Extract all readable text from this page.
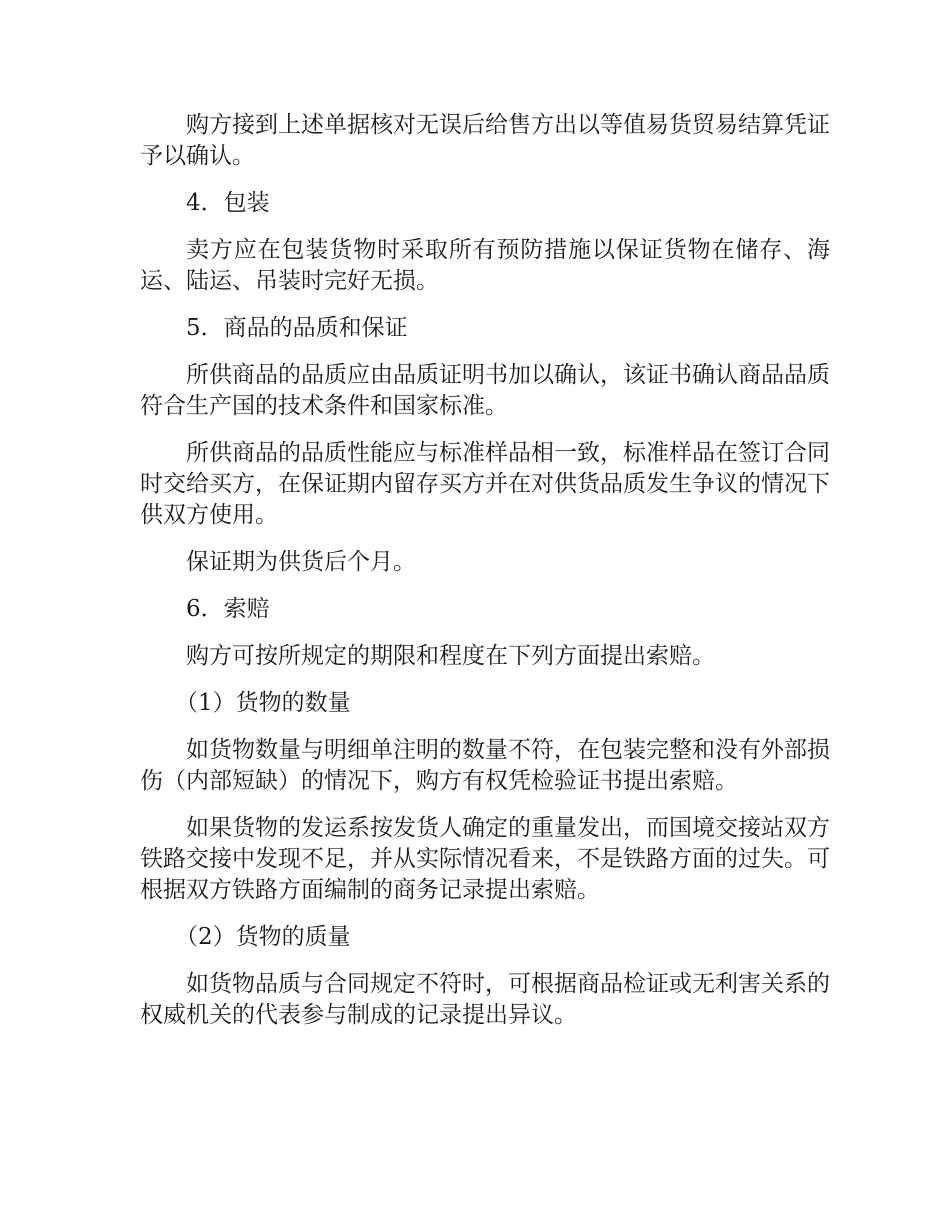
购方接到上述单据核对无误后给售方出以等值易货贸易结算凭证予以确认。

4．包装

卖方应在包装货物时采取所有预防措施以保证货物在储存、海运、陆运、吊装时完好无损。

5．商品的品质和保证

所供商品的品质应由品质证明书加以确认，该证书确认商品品质符合生产国的技术条件和国家标准。

所供商品的品质性能应与标准样品相一致，标准样品在签订合同时交给买方，在保证期内留存买方并在对供货品质发生争议的情况下供双方使用。

保证期为供货后个月。

6．索赔

购方可按所规定的期限和程度在下列方面提出索赔。

（1）货物的数量

如货物数量与明细单注明的数量不符，在包装完整和没有外部损伤（内部短缺）的情况下，购方有权凭检验证书提出索赔。

如果货物的发运系按发货人确定的重量发出，而国境交接站双方铁路交接中发现不足，并从实际情况看来，不是铁路方面的过失。可根据双方铁路方面编制的商务记录提出索赔。

（2）货物的质量

如货物品质与合同规定不符时，可根据商品检证或无利害关系的权威机关的代表参与制成的记录提出异议。
